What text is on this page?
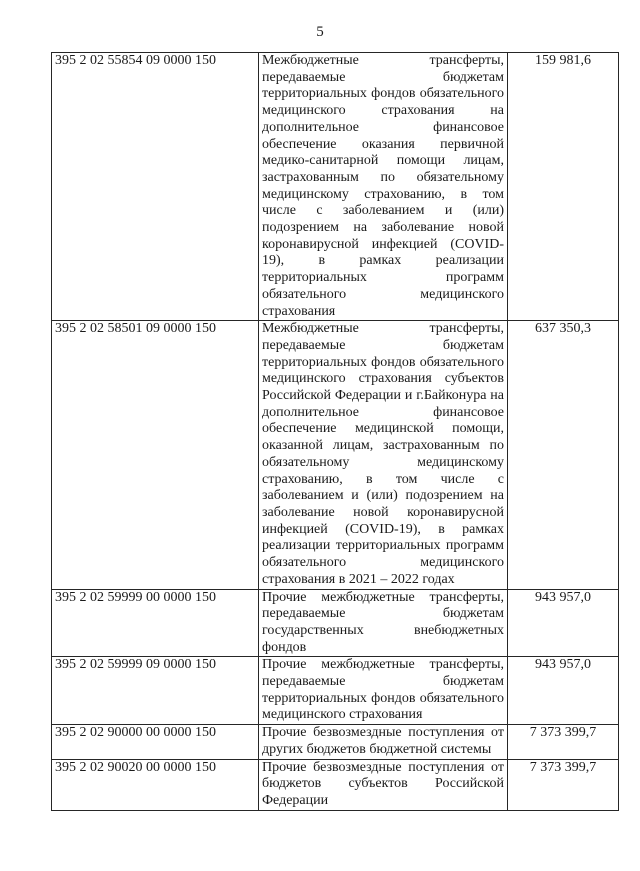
5
395 2 02 55854 09 0000 150	Межбюджетные трансферты, передаваемые бюджетам территориальных фондов обязательного медицинского страхования на дополнительное финансовое обеспечение оказания первичной медико-санитарной помощи лицам, застрахованным по обязательному медицинскому страхованию, в том числе с заболеванием и (или) подозрением на заболевание новой коронавирусной инфекцией (COVID-19), в рамках реализации территориальных программ обязательного медицинского страхования	159 981,6
395 2 02 58501 09 0000 150	Межбюджетные трансферты, передаваемые бюджетам территориальных фондов обязательного медицинского страхования субъектов Российской Федерации и г.Байконура на дополнительное финансовое обеспечение медицинской помощи, оказанной лицам, застрахованным по обязательному медицинскому страхованию, в том числе с заболеванием и (или) подозрением на заболевание новой коронавирусной инфекцией (COVID-19), в рамках реализации территориальных программ обязательного медицинского страхования в 2021 – 2022 годах	637 350,3
395 2 02 59999 00 0000 150	Прочие межбюджетные трансферты, передаваемые бюджетам государственных внебюджетных фондов	943 957,0
395 2 02 59999 09 0000 150	Прочие межбюджетные трансферты, передаваемые бюджетам территориальных фондов обязательного медицинского страхования	943 957,0
395 2 02 90000 00 0000 150	Прочие безвозмездные поступления от других бюджетов бюджетной системы	7 373 399,7
395 2 02 90020 00 0000 150	Прочие безвозмездные поступления от бюджетов субъектов Российской Федерации	7 373 399,7
